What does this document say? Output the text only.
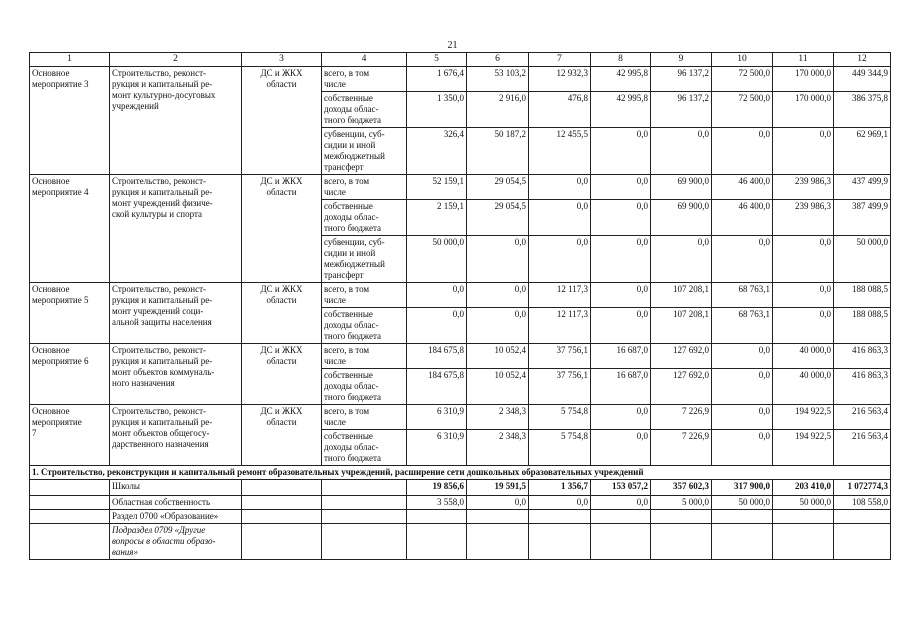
21
1	2	3	4	5	6	7	8	9	10	11	12
Основное
мероприятие 3	Строительство, реконст-
рукция и капитальный ре-
монт культурно-досуговых
учреждений	ДС и ЖКХ
области	всего, в том
числе	1 676,4	53 103,2	12 932,3	42 995,8	96 137,2	72 500,0	170 000,0	449 344,9
			собственные
доходы облас-
тного бюджета	1 350,0	2 916,0	476,8	42 995,8	96 137,2	72 500,0	170 000,0	386 375,8
			субвенции, суб-
сидии и иной
межбюджетный
трансферт	326,4	50 187,2	12 455,5	0,0	0,0	0,0	0,0	62 969,1
Основное
мероприятие 4	Строительство, реконст-
рукция и капитальный ре-
монт учреждений физиче-
ской культуры и спорта	ДС и ЖКХ
области	всего, в том
числе	52 159,1	29 054,5	0,0	0,0	69 900,0	46 400,0	239 986,3	437 499,9
			собственные
доходы облас-
тного бюджета	2 159,1	29 054,5	0,0	0,0	69 900,0	46 400,0	239 986,3	387 499,9
			субвенции, суб-
сидии и иной
межбюджетный
трансферт	50 000,0	0,0	0,0	0,0	0,0	0,0	0,0	50 000,0
Основное
мероприятие 5	Строительство, реконст-
рукция и капитальный ре-
монт учреждений соци-
альной защиты населения	ДС и ЖКХ
области	всего, в том
числе	0,0	0,0	12 117,3	0,0	107 208,1	68 763,1	0,0	188 088,5
			собственные
доходы облас-
тного бюджета	0,0	0,0	12 117,3	0,0	107 208,1	68 763,1	0,0	188 088,5
Основное
мероприятие 6	Строительство, реконст-
рукция и капитальный ре-
монт объектов коммуналь-
ного назначения	ДС и ЖКХ
области	всего, в том
числе	184 675,8	10 052,4	37 756,1	16 687,0	127 692,0	0,0	40 000,0	416 863,3
			собственные
доходы облас-
тного бюджета	184 675,8	10 052,4	37 756,1	16 687,0	127 692,0	0,0	40 000,0	416 863,3
Основное
мероприятие
7	Строительство, реконст-
рукция и капитальный ре-
монт объектов общегосу-
дарственного назначения	ДС и ЖКХ
области	всего, в том
числе	6 310,9	2 348,3	5 754,8	0,0	7 226,9	0,0	194 922,5	216 563,4
			собственные
доходы облас-
тного бюджета	6 310,9	2 348,3	5 754,8	0,0	7 226,9	0,0	194 922,5	216 563,4
1. Строительство, реконструкция и капитальный ремонт образовательных учреждений, расширение сети дошкольных образовательных учреждений											
	Школы			19 856,6	19 591,5	1 356,7	153 057,2	357 602,3	317 900,0	203 410,0	1 072774,3
	Областная собственность			3 558,0	0,0	0,0	0,0	5 000,0	50 000,0	50 000,0	108 558,0
	Раздел 0700 «Образование»										
	Подраздел 0709 «Другие
вопросы в области образо-
вания»										
